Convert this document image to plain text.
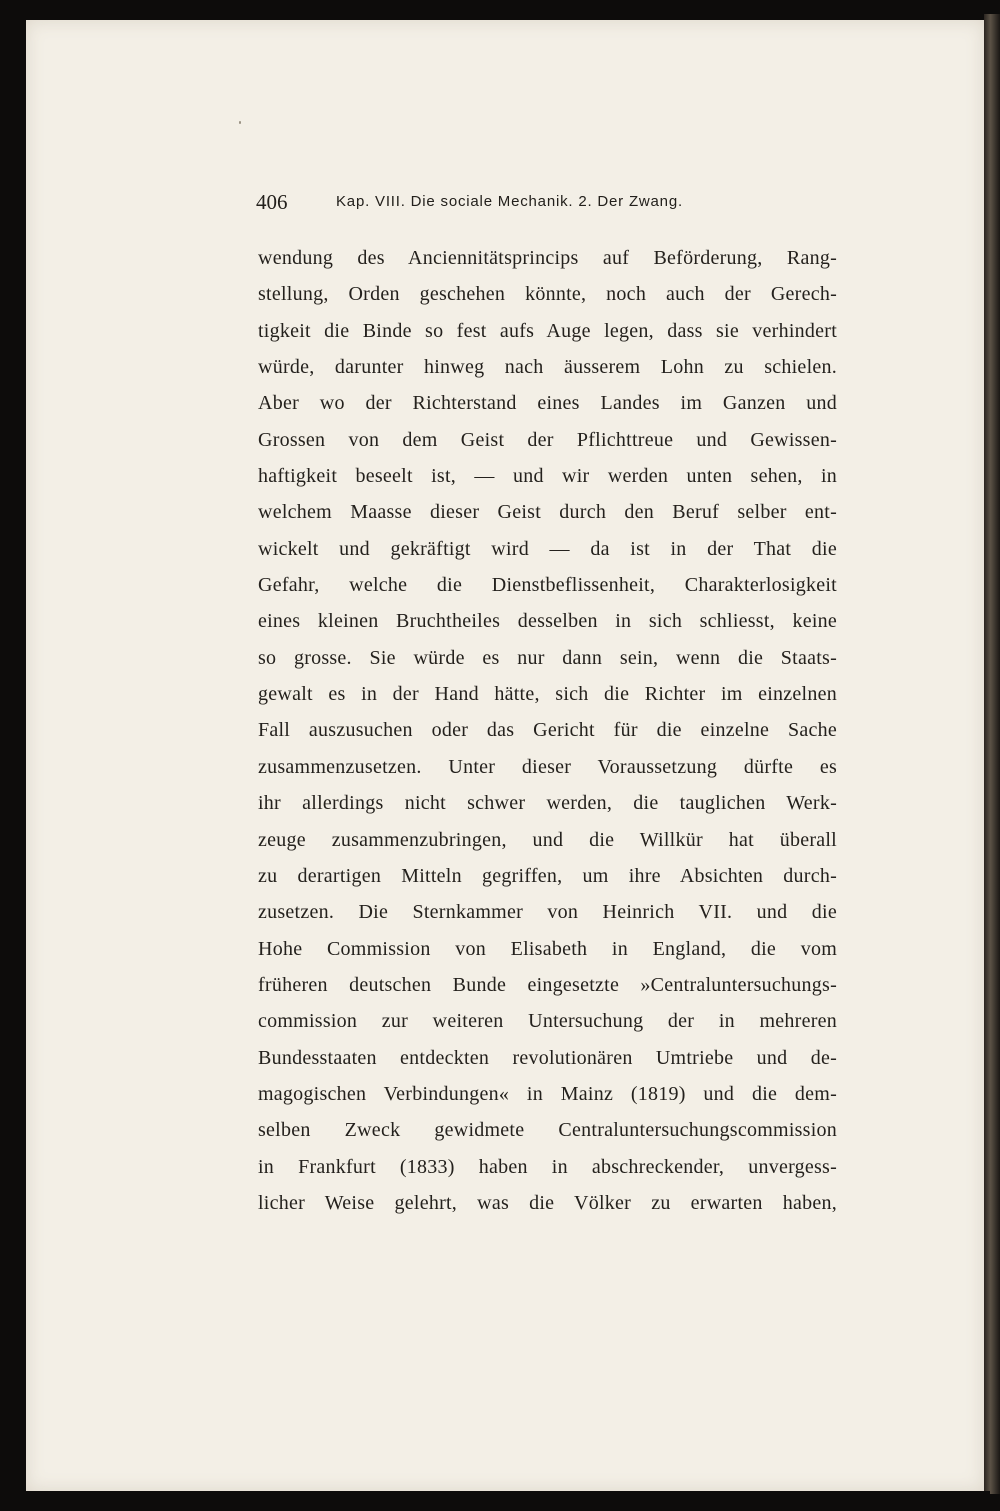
406	Kap. VIII. Die sociale Mechanik. 2. Der Zwang.
wendung des Anciennitätsprincips auf Beförderung, Rang-
stellung, Orden geschehen könnte, noch auch der Gerech-
tigkeit die Binde so fest aufs Auge legen, dass sie verhindert
würde, darunter hinweg nach äusserem Lohn zu schielen.
Aber wo der Richterstand eines Landes im Ganzen und
Grossen von dem Geist der Pflichttreue und Gewissen-
haftigkeit beseelt ist, — und wir werden unten sehen, in
welchem Maasse dieser Geist durch den Beruf selber ent-
wickelt und gekräftigt wird — da ist in der That die
Gefahr, welche die Dienstbeflissenheit, Charakterlosigkeit
eines kleinen Bruchtheiles desselben in sich schliesst, keine
so grosse. Sie würde es nur dann sein, wenn die Staats-
gewalt es in der Hand hätte, sich die Richter im einzelnen
Fall auszusuchen oder das Gericht für die einzelne Sache
zusammenzusetzen. Unter dieser Voraussetzung dürfte es
ihr allerdings nicht schwer werden, die tauglichen Werk-
zeuge zusammenzubringen, und die Willkür hat überall
zu derartigen Mitteln gegriffen, um ihre Absichten durch-
zusetzen. Die Sternkammer von Heinrich VII. und die
Hohe Commission von Elisabeth in England, die vom
früheren deutschen Bunde eingesetzte »Centraluntersuchungs-
commission zur weiteren Untersuchung der in mehreren
Bundesstaaten entdeckten revolutionären Umtriebe und de-
magogischen Verbindungen« in Mainz (1819) und die dem-
selben Zweck gewidmete Centraluntersuchungscommission
in Frankfurt (1833) haben in abschreckender, unvergess-
licher Weise gelehrt, was die Völker zu erwarten haben,
